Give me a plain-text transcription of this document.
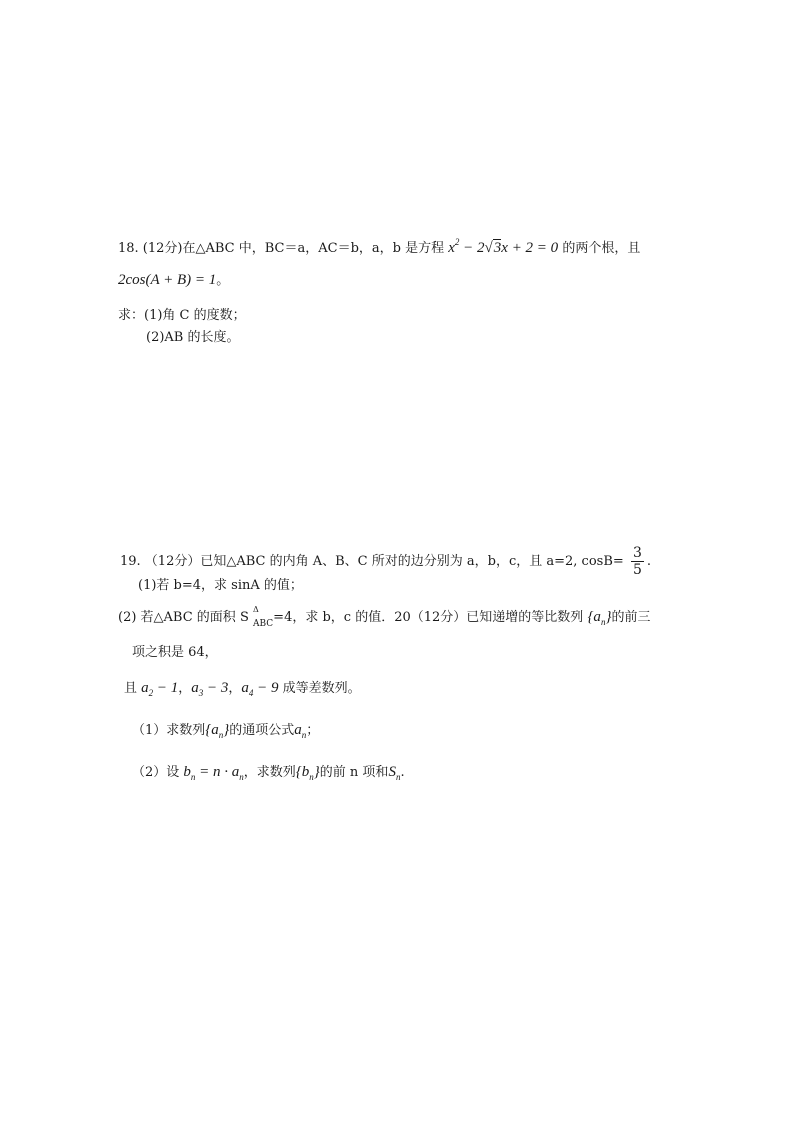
18. (12分)在△ABC 中，BC＝a，AC＝b，a，b 是方程 $x^2 - 2√3x + 2 = 0$ 的两个根，且
2cos(A + B) = 1。
求：(1)角 C 的度数；
(2)AB 的长度。
19. （12分）已知△ABC 的内角 A、B、C 所对的边分别为 a，b，c，且 a=2, $\cos B= \frac{3}{5}$ .
(1)若 b=4，求 sinA 的值；
(2) 若△ABC 的面积 S
Δ
ABC=4，求 b，c 的值．20（12分）已知递增的等比数列 $\{a_n\}$的前三
项之积是 64，
且 $a_2 - 1$，$a_3 - 3$，$a_4 - 9$ 成等差数列。
（1）求数列$\{a_n\}$的通项公式$a_n$；
（2）设 $b_n = n \cdot a_n$，求数列$\{b_n\}$的前 n 项和$S_n$.
